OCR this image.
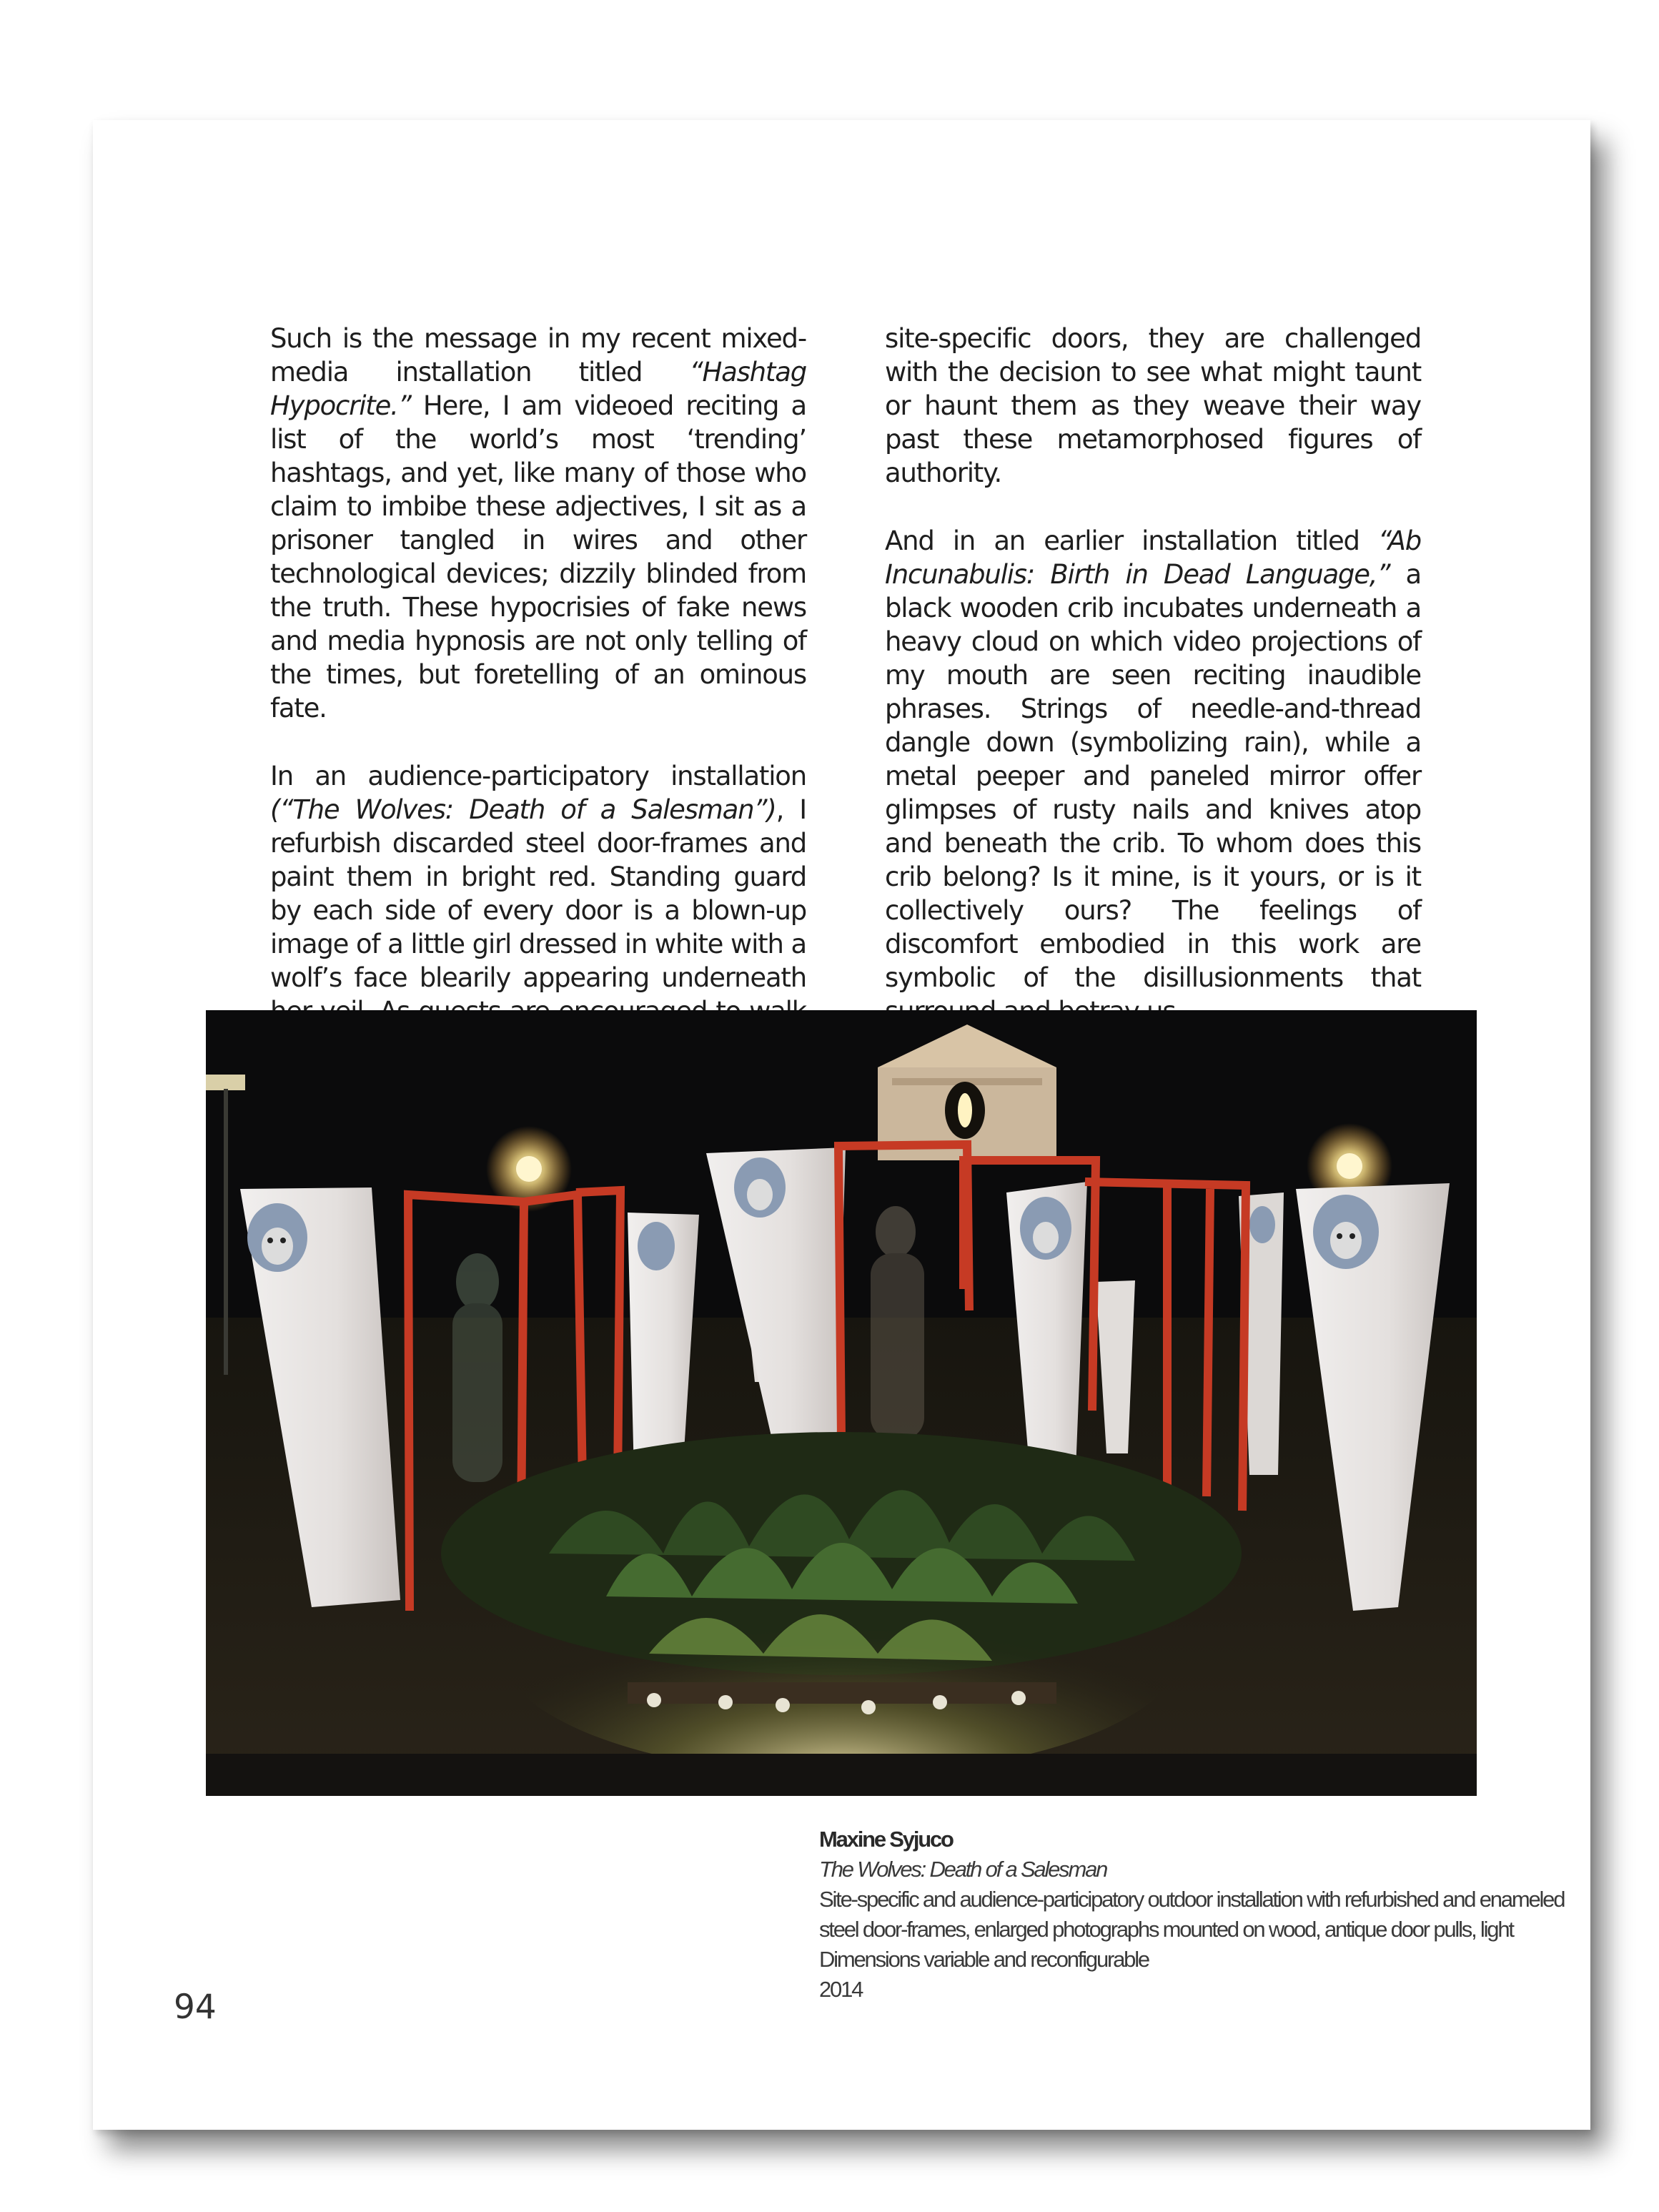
Such is the message in my recent mixed-media installation titled “Hashtag Hypocrite.” Here, I am videoed reciting a list of the world’s most ‘trending’ hashtags, and yet, like many of those who claim to imbibe these adjectives, I sit as a prisoner tangled in wires and other technological devices; dizzily blinded from the truth. These hypocrisies of fake news and media hypnosis are not only telling of the times, but foretelling of an ominous fate.

In an audience-participatory installation (“The Wolves: Death of a Salesman”), I refurbish discarded steel door-frames and paint them in bright red. Standing guard by each side of every door is a blown-up image of a little girl dressed in white with a wolf’s face blearily appearing underneath

site-specific doors, they are challenged with the decision to see what might taunt or haunt them as they weave their way past these metamorphosed figures of authority.

And in an earlier installation titled “Ab Incunabulis: Birth in Dead Language,” a black wooden crib incubates underneath a heavy cloud on which video projections of my mouth are seen reciting inaudible phrases. Strings of needle-and-thread dangle down (symbolizing rain), while a metal peeper and paneled mirror offer glimpses of rusty nails and knives atop and beneath the crib. To whom does this crib belong? Is it mine, is it yours, or is it collectively ours? The feelings of discomfort embodied in this work are symbolic of the disillusionments that

Maxine Syjuco
The Wolves: Death of a Salesman
Site-specific and audience-participatory outdoor installation with refurbished and enameled
steel door-frames, enlarged photographs mounted on wood, antique door pulls, light
Dimensions variable and reconfigurable
2014
94
